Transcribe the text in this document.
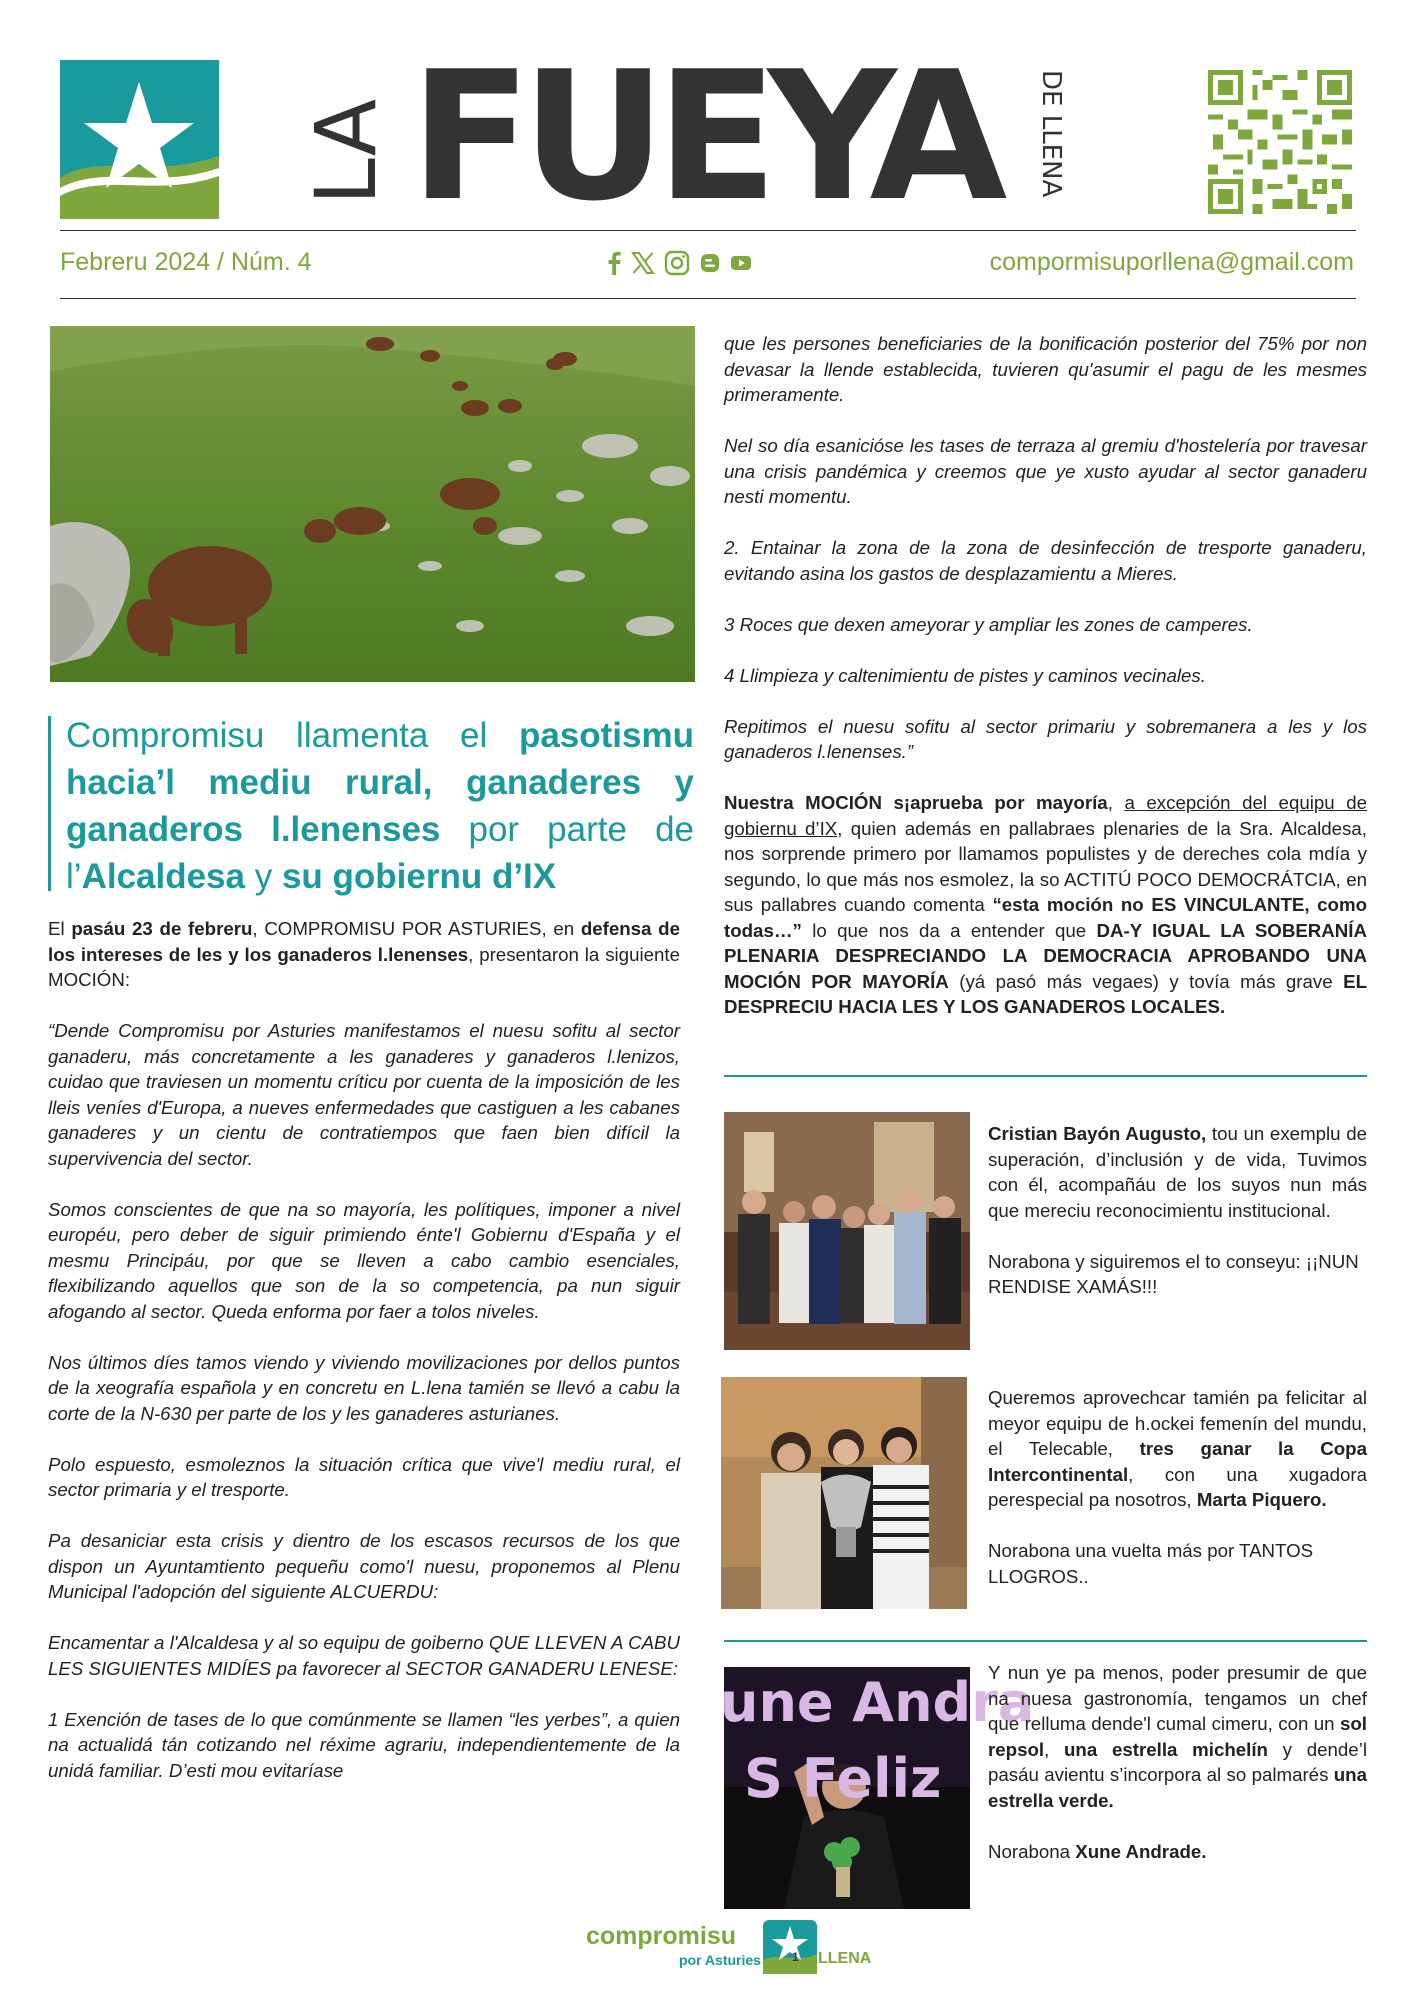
LA FUEYA DE LLENA
Febreru 2024 / Núm. 4	compormisuporllena@gmail.com
Compromisu llamenta el pasotismu hacia’l mediu rural, ganaderes y ganaderos l.lenenses por parte de l’Alcaldesa y su gobiernu d’IX

El pasáu 23 de febreru, COMPROMISU POR ASTURIES, en defensa de los intereses de les y los ganaderos l.lenenses, presentaron la siguiente MOCIÓN:

“Dende Compromisu por Asturies manifestamos el nuesu sofitu al sector ganaderu, más concretamente a les ganaderes y ganaderos l.lenizos, cuidao que traviesen un momentu críticu por cuenta de la imposición de les lleis veníes d'Europa, a nueves enfermedades que castiguen a les cabanes ganaderes y un cientu de contratiempos que faen bien difícil la supervivencia del sector.

Somos conscientes de que na so mayoría, les polítiques, imponer a nivel européu, pero deber de siguir primiendo énte'l Gobiernu d'España y el mesmu Principáu, por que se lleven a cabo cambio esenciales, flexibilizando aquellos que son de la so competencia, pa nun siguir afogando al sector. Queda enforma por faer a tolos niveles.

Nos últimos díes tamos viendo y viviendo movilizaciones por dellos puntos de la xeografía española y en concretu en L.lena tamién se llevó a cabu la corte de la N-630 per parte de los y les ganaderes asturianes.

Polo espuesto, esmoleznos la situación crítica que vive'l mediu rural, el sector primaria y el tresporte.

Pa desaniciar esta crisis y dientro de los escasos recursos de los que dispon un Ayuntamtiento pequeñu como'l nuesu, proponemos al Plenu Municipal l'adopción del siguiente ALCUERDU:

Encamentar a l'Alcaldesa y al so equipu de goiberno QUE LLEVEN A CABU LES SIGUIENTES MIDÍES pa favorecer al SECTOR GANADERU LENESE:

1 Exención de tases de lo que comúnmente se llamen “les yerbes”, a quien na actualidá tán cotizando nel réxime agrariu, independientemente de la unidá familiar. D’esti mou evitaríase

que les persones beneficiaries de la bonificación posterior del 75% por non devasar la llende establecida, tuvieren qu'asumir el pagu de les mesmes primeramente.

Nel so día esanicióse les tases de terraza al gremiu d'hostelería por travesar una crisis pandémica y creemos que ye xusto ayudar al sector ganaderu nesti momentu.

2. Entainar la zona de la zona de desinfección de tresporte ganaderu, evitando asina los gastos de desplazamientu a Mieres.

3 Roces que dexen ameyorar y ampliar les zones de camperes.

4 Llimpieza y caltenimientu de pistes y caminos vecinales.

Repitimos el nuesu sofitu al sector primariu y sobremanera a les y los ganaderos l.lenenses.”

Nuestra MOCIÓN s¡aprueba por mayoría, a excepción del equipu de gobiernu d’IX, quien además en pallabraes plenaries de la Sra. Alcaldesa, nos sorprende primero por llamamos populistes y de dereches cola mdía y segundo, lo que más nos esmolez, la so ACTITÚ POCO DEMOCRÁTCIA, en sus pallabres cuando comenta “esta moción no ES VINCULANTE, como todas…” lo que nos da a entender que DA-Y IGUAL LA SOBERANÍA PLENARIA DESPRECIANDO LA DEMOCRACIA APROBANDO UNA MOCIÓN POR MAYORÍA (yá pasó más vegaes) y tovía más grave EL DESPRECIU HACIA LES Y LOS GANADEROS LOCALES.

Cristian Bayón Augusto, tou un exemplu de superación, d’inclusión y de vida, Tuvimos con él, acompañáu de los suyos nun más que mereciu reconocimientu institucional.

Norabona y siguiremos el to conseyu: ¡¡NUN RENDISE XAMÁS!!!

Queremos aprovechcar tamién pa felicitar al meyor equipu de h.ockei femenín del mundu, el Telecable, tres ganar la Copa Intercontinental, con una xugadora perespecial pa nosotros, Marta Piquero.

Norabona una vuelta más por TANTOS LLOGROS..

une Andra
S Feliz

Y nun ye pa menos, poder presumir de que na nuesa gastronomía, tengamos un chef que relluma dende'l cumal cimeru, con un sol repsol, una estrella michelín y dende’l pasáu avientu s’incorpora al so palmarés una estrella verde.

Norabona Xune Andrade.

compromisu
por Asturies	1 LLENA
